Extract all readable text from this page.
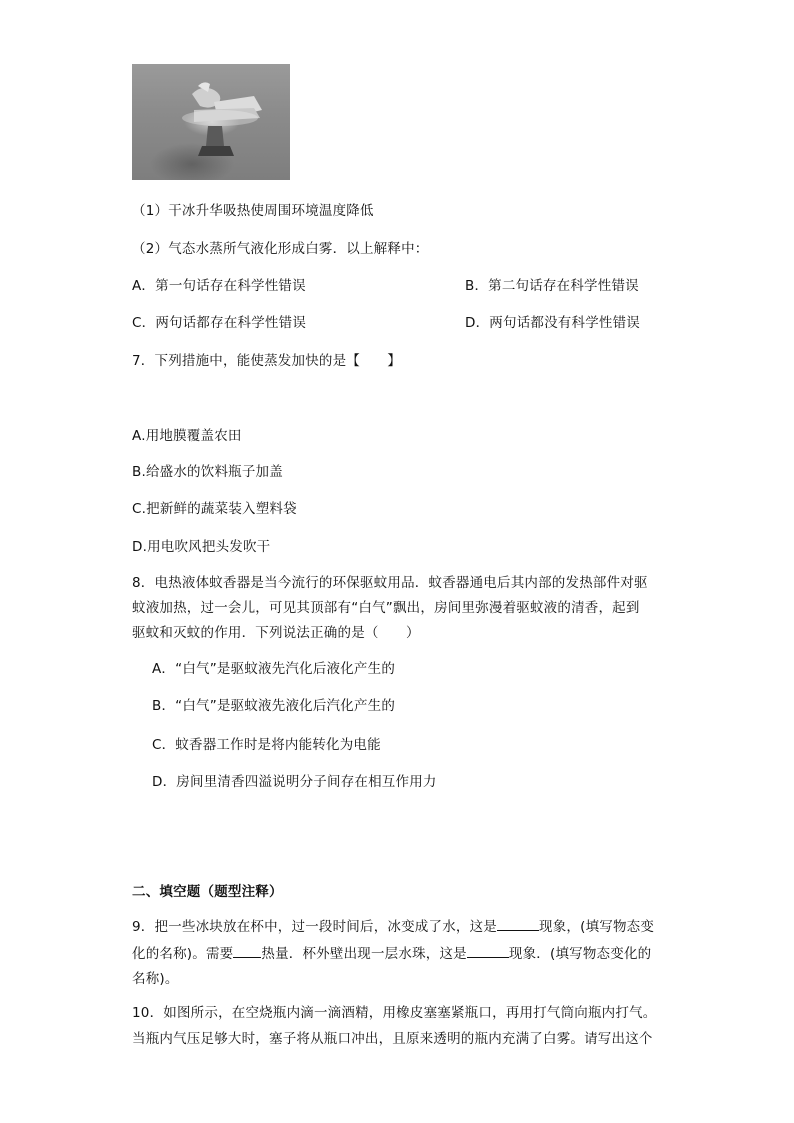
（1）干冰升华吸热使周围环境温度降低
（2）气态水蒸所气液化形成白雾．以上解释中：
A．第一句话存在科学性错误	B．第二句话存在科学性错误
C．两句话都存在科学性错误	D．两句话都没有科学性错误
7．下列措施中，能使蒸发加快的是【　　】
A.用地膜覆盖农田
B.给盛水的饮料瓶子加盖
C.把新鲜的蔬菜装入塑料袋
D.用电吹风把头发吹干
8．电热液体蚊香器是当今流行的环保驱蚊用品．蚊香器通电后其内部的发热部件对驱
蚊液加热，过一会儿，可见其顶部有“白气”飘出，房间里弥漫着驱蚊液的清香，起到
驱蚊和灭蚊的作用．下列说法正确的是（　　）
A．“白气”是驱蚊液先汽化后液化产生的
B．“白气”是驱蚊液先液化后汽化产生的
C．蚊香器工作时是将内能转化为电能
D．房间里清香四溢说明分子间存在相互作用力
二、填空题（题型注释）
9．把一些冰块放在杯中，过一段时间后，冰变成了水，这是	现象，(填写物态变
化的名称)。需要 热量．杯外壁出现一层水珠，这是	现象．(填写物态变化的
名称)。
10．如图所示，在空烧瓶内滴一滴酒精，用橡皮塞塞紧瓶口，再用打气筒向瓶内打气。
当瓶内气压足够大时，塞子将从瓶口冲出，且原来透明的瓶内充满了白雾。请写出这个
